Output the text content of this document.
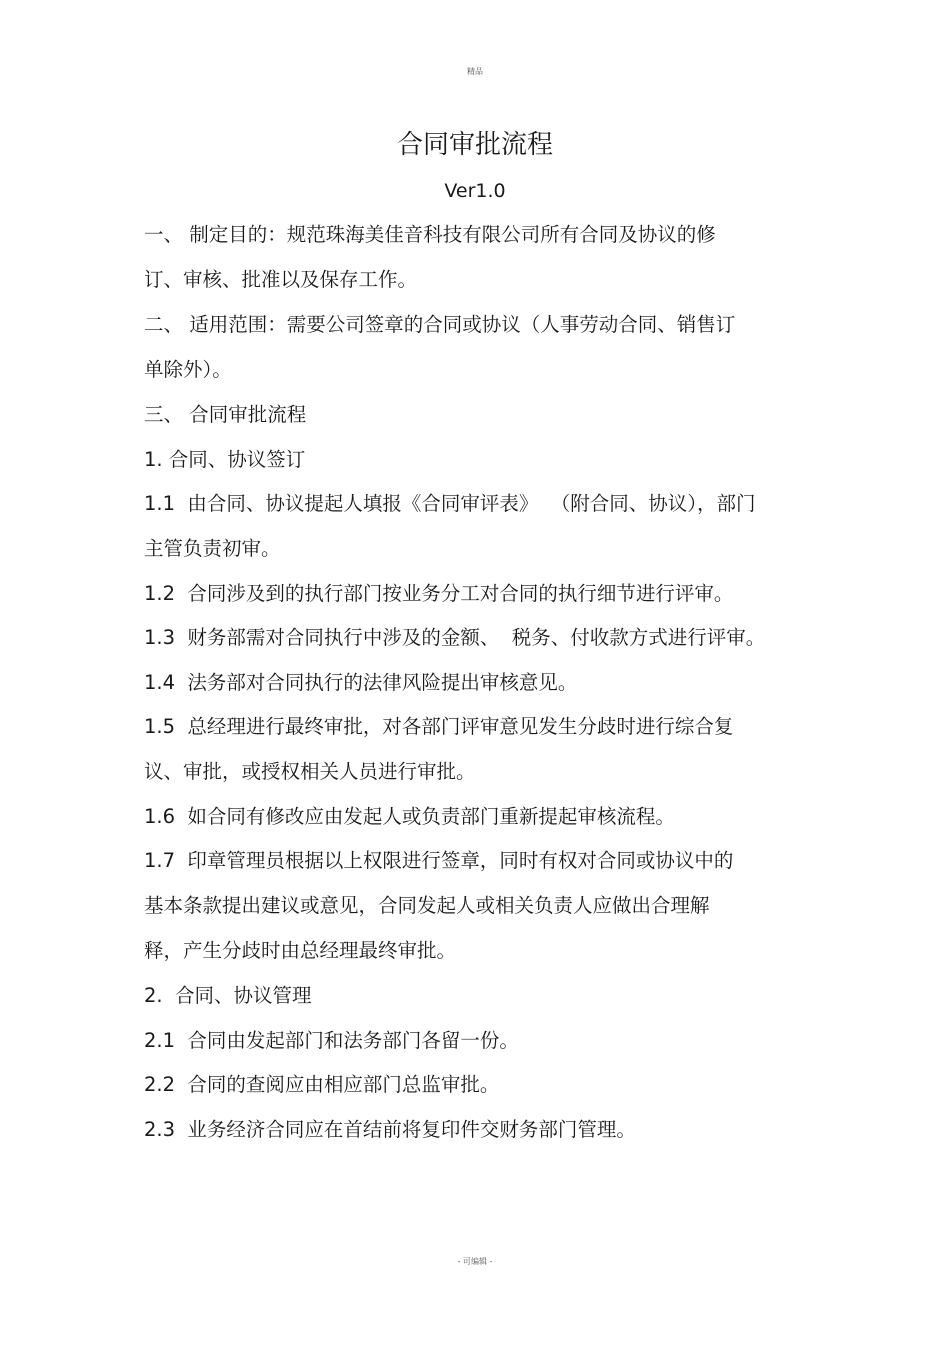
精品
合同审批流程
Ver1.0
一、 制定目的：规范珠海美佳音科技有限公司所有合同及协议的修
订、审核、批准以及保存工作。
二、 适用范围：需要公司签章的合同或协议（人事劳动合同、销售订
单除外）。
三、 合同审批流程
1. 合同、协议签订
1.1  由合同、协议提起人填报《合同审评表》  （附合同、协议），部门
主管负责初审。
1.2  合同涉及到的执行部门按业务分工对合同的执行细节进行评审。
1.3  财务部需对合同执行中涉及的金额、  税务、付收款方式进行评审。
1.4  法务部对合同执行的法律风险提出审核意见。
1.5  总经理进行最终审批，对各部门评审意见发生分歧时进行综合复
议、审批，或授权相关人员进行审批。
1.6  如合同有修改应由发起人或负责部门重新提起审核流程。
1.7  印章管理员根据以上权限进行签章，同时有权对合同或协议中的
基本条款提出建议或意见，合同发起人或相关负责人应做出合理解
释，产生分歧时由总经理最终审批。
2.  合同、协议管理
2.1  合同由发起部门和法务部门各留一份。
2.2  合同的查阅应由相应部门总监审批。
2.3  业务经济合同应在首结前将复印件交财务部门管理。
- 可编辑 -
